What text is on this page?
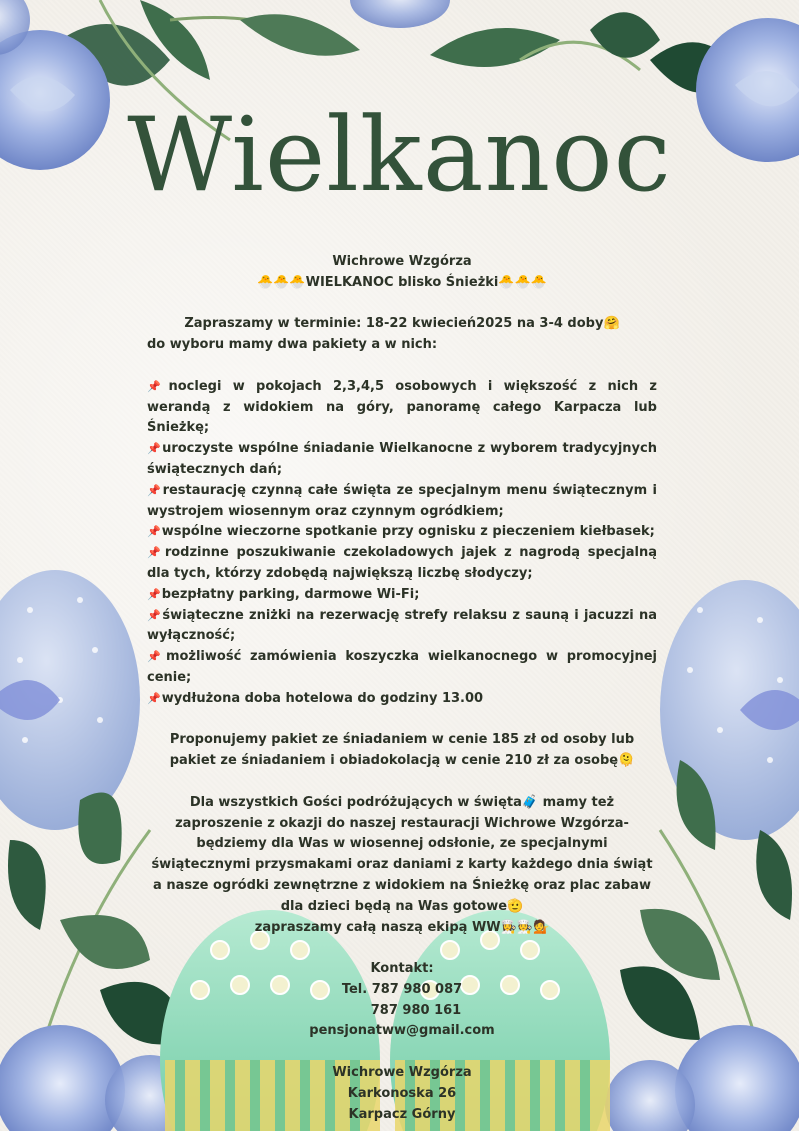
Wielkanoc
Wichrowe Wzgórza
🐣🐣🐣WIELKANOC blisko Śnieżki🐣🐣🐣
Zapraszamy w terminie: 18-22 kwiecień2025 na 3-4 doby🤗
do wyboru mamy dwa pakiety a w nich:
📌noclegi w pokojach 2,3,4,5 osobowych i większość z nich z werandą z widokiem na góry, panoramę całego Karpacza lub Śnieżkę;
📌uroczyste wspólne śniadanie Wielkanocne z wyborem tradycyjnych świątecznych dań;
📌restaurację czynną całe święta ze specjalnym menu świątecznym i wystrojem wiosennym oraz czynnym ogródkiem;
📌wspólne wieczorne spotkanie przy ognisku z pieczeniem kiełbasek;
📌rodzinne poszukiwanie czekoladowych jajek z nagrodą specjalną dla tych, którzy zdobędą największą liczbę słodyczy;
📌bezpłatny parking, darmowe Wi-Fi;
📌świąteczne zniżki na rezerwację strefy relaksu z sauną i jacuzzi na wyłączność;
📌możliwość zamówienia koszyczka wielkanocnego w promocyjnej cenie;
📌wydłużona doba hotelowa do godziny 13.00
Proponujemy pakiet ze śniadaniem w cenie 185 zł od osoby lub pakiet ze śniadaniem i obiadokolacją w cenie 210 zł za osobę🫠
Dla wszystkich Gości podróżujących w święta🧳 mamy też zaproszenie z okazji do naszej restauracji Wichrowe Wzgórza- będziemy dla Was w wiosennej odsłonie, ze specjalnymi świątecznymi przysmakami oraz daniami z karty każdego dnia świąt a nasze ogródki zewnętrzne z widokiem na Śnieżkę oraz plac zabaw dla dzieci będą na Was gotowe🫡
zapraszamy całą naszą ekipą WW👩‍🍳🧑‍🍳💁
Kontakt:
Tel. 787 980 087
787 980 161
pensjonatww@gmail.com
Wichrowe Wzgórza
Karkonoska 26
Karpacz Górny
